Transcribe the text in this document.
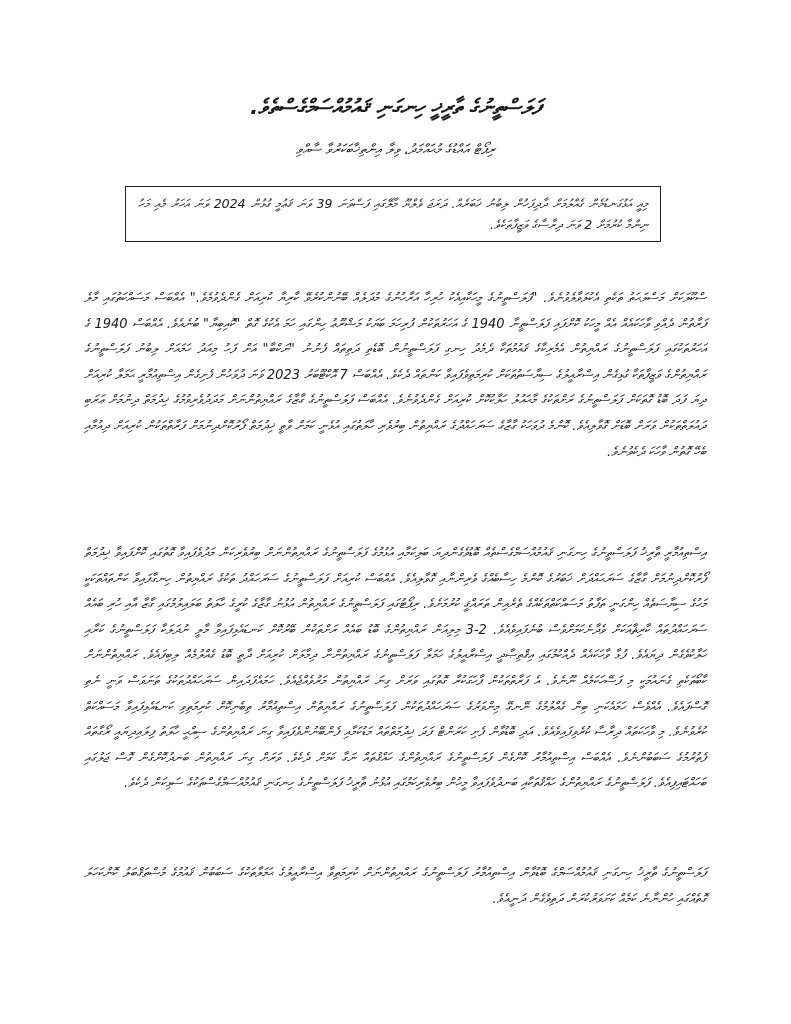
ފަލަސްތީނުގެ ތާރީޚީ ހިނގަނި ޤައުމުއްސަމްގެސްތެވެ.
ރިޕޯޓް އައްޑުގެ މުޙައްމަދު، ވިލާ އިންތިޚާބަކަރުވާ ސާއްވި

މިއީ އަޅުގަނޑުމެން ގެއްލުމަށް ދާދިފަހުން ލިބުނު ޚަބަރެއް. ދަރަޖަ ވެލްޔޫ މާލޭގައި ފަސްވަނަ 39 ވަނަ ޤަޢުމީ ގުޅުން 2024 ވަނަ އަހަރު މެއި މަހު ނިންމާ ކުރުމަށް 2 ވަނަ ދިރާސާގެ ވަޒީފާތަކެވެ.

ސްކޫލަކަށް މަސްލަޙަތު ތަކެތި އެކުލަވާލެވުނެވެ. "ފަލަސްތީނުގެ މީހަކާއިއެކު ހުރިހާ އަރާހުނުގެ މުދަލެއް ބޭނުންކުރެވޭ ކާރިޔާ ކުރިއަށް ގެންދެވުމެވެ." އެއްބަސް މަސައްކަތުގައި މާލެ ފަރާތުން ދެއްވި ވާހަކައެއް އެއް މީހަކު ކޮށްފައި ފަލަސްތީނާ 1940 ގެ އަހަރުތަކުން ފުރިހަމަ ބަޔަކު މަޝްރޫޢު ހިންގައި ހަމަ އެކުގެ ގޮތް "ކޮއިބިޔާ" ބުނެއެވެ. އެއްބަސް 1940 ގެ އަހަރުތަކުގައި ފަލަސްތީނުގެ ރައްޔިތުން އެމެރިކާގެ ޤައުމުތަކާ ދެމެދު ހިނގި ފަލަސްތީނުން ބޮޑެތި ދަތިތައް ފެނުނު "ނަކްބާ" އަށް ފަހު މިއަދު ހަމައަށް ލިބުނު ފަލަސްތީނުގެ ރައްޔިތުންގެ ވަޒީފާތަކާ ގުޅިގެން އިސްރާއީލުގެ ސިޔާސަތުތަކަށް ކުރިމަތިވެފައިވާ ކަންތައް ދެކެވެ. އެއްބަސް 7 އޮކްޓޫބަރު 2023 ވަނަ ދުވަހުން ފެށިގެން އިސްތިއުމާރީ ޙަމަލާ ކުރިއަށް ދިޔަ ފަދަ ބޮޑު ގޮތަކަށް ފަލަސްތީނުގެ ރަށްތަކުގެ މާޙައުލު ހަލާކުކޮށް ކުރިއަށް ގެންދެވުނެވެ. އެއްބަސް ފަލަސްތީނުގެ ގާޒާގެ ރައްޔިތުންނަށް މަދަދުވެރިވުމުގެ ޚިދުމަތް ދިނުމަށް ޢަރަބި ދައުލަތްތަކުން ވަރަށް ބޮޑަށް ގޮވާލިއެވެ. ކޮންމެ ދުވަހަކު ގާޒާގެ ސަރަހައްދުގެ ރައްޔިތުން ބިރުވެރި ހާލަތުގައި އުޅެނީ ކަމަށް ވާތީ ޚިދުމަތް ފޯރުކޮށްދިނުމަށް ފަރާތްތަކުން ކުރިއަށް ދިއުމާއި ބެހޭ ގޮތުން ވާހަކަ ދެކެވުނެވެ.

އިސްތިއުމާރީ ތާރީޚު ފަލަސްތީނުގެ ހިނގަނި ޤައުމުއްސަމްގެސްތެއް ބޮޑުވެގެންދިޔަ ބަލިކަމާއި އުޅުމުގެ ފަލަސްތީނުގެ ރައްޔިތުންނަށް ބިރުވެރިކަން މަދުވެފައިވާ ގޮތުގައި ކޮށްފައިވާ ޚިދުމަތް ފޯރުކޮށްދިނުމަށް ގާޒާގެ ސަރަޙައްދަށް ޚަބަރުގެ ކޮންމެ ހިސާބެއްގެ ވެރިންނާއި ގޮވާލިއެވެ. އެއްބަސް ކުރިއަށް ފަލަސްތީނުގެ ސަރަހައްދު ތަކުގެ ރައްޔިތުން ހިނގާފައިވާ ކަންތައްތަކަކީ މަހުގެ ސިޔާސަތެއް ހިންގަނީ ތަފާތު މަސައްކަތްތަކެއްގެ ތެރެއިން ތަރައްޤީ ކުރުމަށެވެ. ރިޕޯޓުގައި ފަލަސްތީނުގެ ރައްޔިތުން އުޅުނު ގާޒާގެ ކުރީގެ ހާލަތު ބަލައިލުމުގައި ގާޒާ އާއި ހުރި ބައެއް ސަރަހައްދުތައް ކާރިޘާއަކަށް ވެދާނެކަމަށްވެސް ބުނެފައިވެއެވެ. 2-3 މިލިއަން ރައްޔިތުންގެ ބޮޑު ބައެއް ރަށްތަކުން ބޭރުކޮށް ކަނޑައެޅިފައިވާ މާލީ ނުދަލަކާ ފަލަސްތީނުގެ ކަރާއި ހަލާކުވެގެން ދިޔައެވެ. ފުޅާ ވާހަކައެއް ދެއްކުމުގައި އިޤްތިޞާދީ އިސްރާއީލުގެ ހަމަލާ ފަލަސްތީނުގެ ރައްޔިތުންނާ ދިމާލަށް ކުރިއަށް ދާތީ ބޮޑު ގެއްލުމެއް ލިބިފައެވެ. ރައްޔިތުންނަށް ކާބޯތަކެތި ގެނައުމަކީ މި ފަސޭހަކަމެއް ނޫނެވެ. އެ ފަރާތްތަކުން ފާހަގަކުރާ ގޮތުގައި ވަރަށް ގިނަ ރައްޔިތުން މަރުވެއްޖެއެވެ. ހަމައެފަދައިން ސަރަހައްދުތަކުގެ ތަނަވަސް ވަނީ ނެތި ގޮސްފައެވެ. އެއްވެސް ހަމައެކަނި ބިން ގެއްލުމުގެ ނޭނގޭ މިންވަރުގެ ސަރަހައްދުތަކުން ފަލަސްތީނުގެ ރައްޔިތުން އިސްތިއުމާރު ތިބެނިކޮށް ކުރިމަތިވި ކަނޑައެޅިފައިވާ މަސައްކަތް ކުރެވުނެވެ. މި ވާހަކަތައް ދިރާސާ ކުރެވިފައިވެއެވެ. އަދި ބޮޑުވާން ފެށި ކަރަންޓް ފަދަ ޚިދުމަތްތައް މަޑުކަމާއި ފެންބޭނުންވެފައިވާ ގިނަ ރައްޔިތުންގެ ސިއްޙީ ހާލަތު ފިލައިދިޔައީ ރޯގާތައް ފެތުރުމުގެ ސަބަބުންނެވެ. އެއްބަސް އިސްތިއުމާރު ކޮށްގެން ފަލަސްތީނުގެ ރައްޔިތުންގެ ހައްޤުތައް ނަގާ ކަމަށް ދެކެވެ. ވަރަށް ގިނަ ރައްޔިތުން ބަނދުކޮށްގެން ގޮސް ޖަލުގައި ބަހައްޓައިފިއެވެ. ފަލަސްތީނުގެ ރައްޔިތުންގެ ހައްޤުތަކާއި ބަނދުވެފައިވާ މީހުން ބިރުވެރިކަމުގައި އުޅުނު ތާރީޚު ފަލަސްތީނުގެ ހިނގަނި ޤައުމުއްސަމްގެސްތަކުގެ ސަޅިކަން ދެކެވެ.

ފަލަސްތީނުގެ ތާރީޚު ހިނގަނި ޤައުމުއްސަމްގެ ބޮޑުވާން އިސްތިއުމާރު ފަލަސްތީނުގެ ރައްޔިތުންނަށް ކުރިމަތިވާ އިސްރާއީލުގެ ޙަމަލާތަކުގެ ސަބަބުން ޤައުމުގެ މުސްތަޤްބަލު ކޮންކަހަލަ ގޮތެއްގައި ހުންނާނެ ކަމެއް ކަށަވަރުކުރަން ދަތިވެގެން ދަނީއެވެ.
